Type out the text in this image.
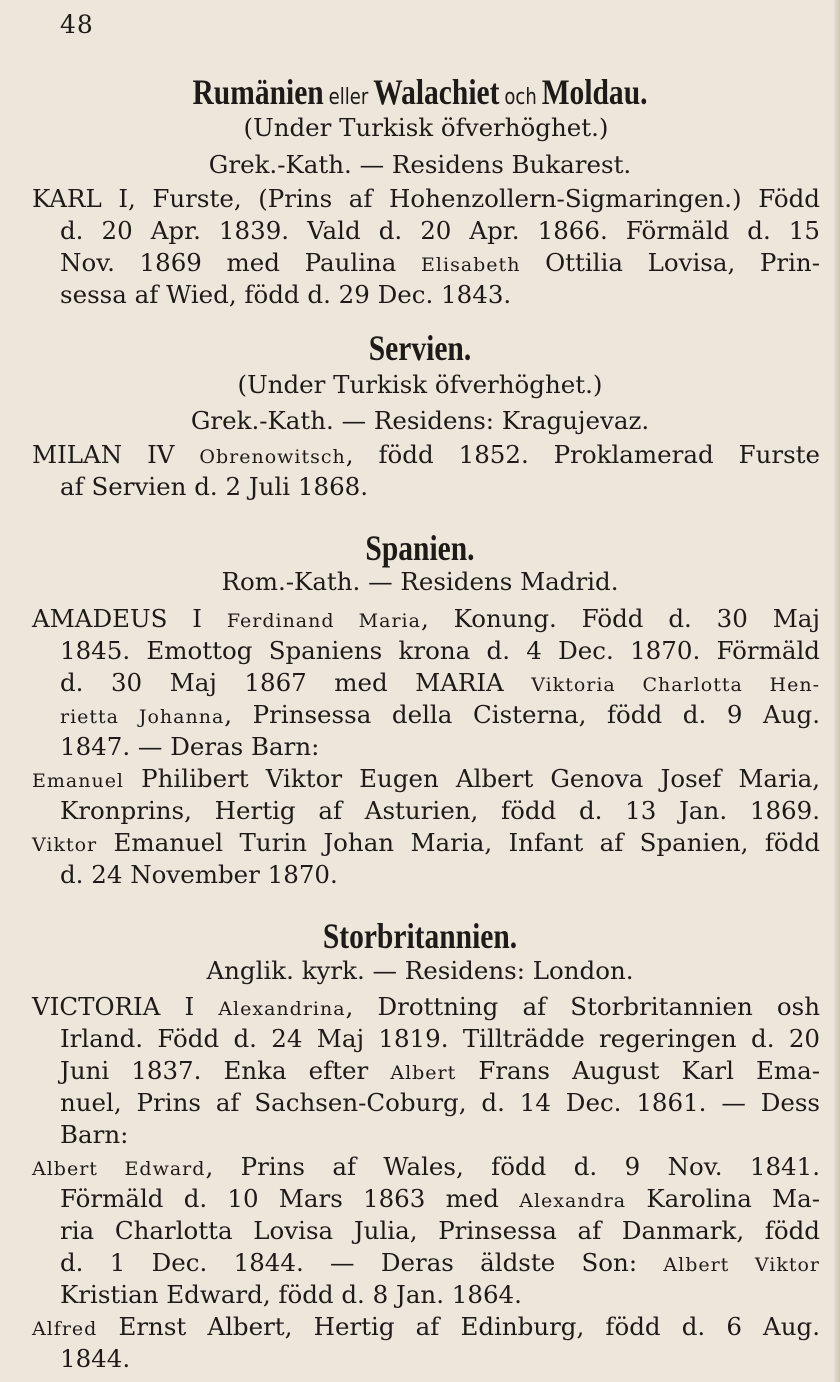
48
Rumänien eller Walachiet och Moldau.
(Under Turkisk öfverhöghet.)
Grek.-Kath. — Residens Bukarest.
KARL I, Furste, (Prins af Hohenzollern-Sigmaringen.) Född
d. 20 Apr. 1839. Vald d. 20 Apr. 1866. Förmäld d. 15
Nov. 1869 med Paulina Elisabeth Ottilia Lovisa, Prin-
sessa af Wied, född d. 29 Dec. 1843.
Servien.
(Under Turkisk öfverhöghet.)
Grek.-Kath. — Residens: Kragujevaz.
MILAN IV Obrenowitsch, född 1852. Proklamerad Furste
af Servien d. 2 Juli 1868.
Spanien.
Rom.-Kath. — Residens Madrid.
AMADEUS I Ferdinand Maria, Konung. Född d. 30 Maj
1845. Emottog Spaniens krona d. 4 Dec. 1870. Förmäld
d. 30 Maj 1867 med MARIA Viktoria Charlotta Hen-
rietta Johanna, Prinsessa della Cisterna, född d. 9 Aug.
1847. — Deras Barn:
Emanuel Philibert Viktor Eugen Albert Genova Josef Maria,
Kronprins, Hertig af Asturien, född d. 13 Jan. 1869.
Viktor Emanuel Turin Johan Maria, Infant af Spanien, född
d. 24 November 1870.
Storbritannien.
Anglik. kyrk. — Residens: London.
VICTORIA I Alexandrina, Drottning af Storbritannien osh
Irland. Född d. 24 Maj 1819. Tillträdde regeringen d. 20
Juni 1837. Enka efter Albert Frans August Karl Ema-
nuel, Prins af Sachsen-Coburg, d. 14 Dec. 1861. — Dess
Barn:
Albert Edward, Prins af Wales, född d. 9 Nov. 1841.
Förmäld d. 10 Mars 1863 med Alexandra Karolina Ma-
ria Charlotta Lovisa Julia, Prinsessa af Danmark, född
d. 1 Dec. 1844. — Deras äldste Son: Albert Viktor
Kristian Edward, född d. 8 Jan. 1864.
Alfred Ernst Albert, Hertig af Edinburg, född d. 6 Aug.
1844.
